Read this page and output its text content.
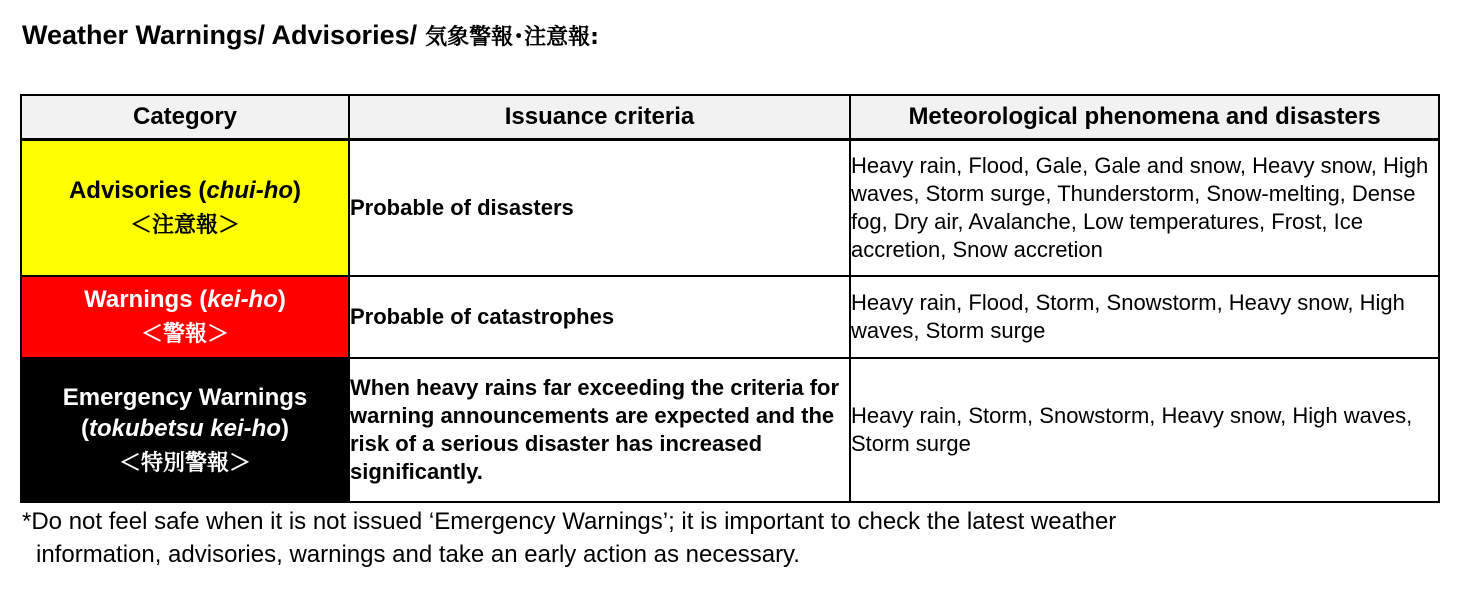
Weather Warnings/ Advisories/ 気象警報･注意報:
Category	Issuance criteria	Meteorological phenomena and disasters
Advisories (chui-ho)
＜注意報＞	Probable of disasters	Heavy rain, Flood, Gale, Gale and snow, Heavy snow, High waves, Storm surge, Thunderstorm, Snow-melting, Dense fog, Dry air, Avalanche, Low temperatures, Frost, Ice accretion, Snow accretion
Warnings (kei-ho)
＜警報＞	Probable of catastrophes	Heavy rain, Flood, Storm, Snowstorm, Heavy snow, High waves, Storm surge
Emergency Warnings
(tokubetsu kei-ho)
＜特別警報＞	When heavy rains far exceeding the criteria for warning announcements are expected and the risk of a serious disaster has increased significantly.	Heavy rain, Storm, Snowstorm, Heavy snow, High waves, Storm surge
*Do not feel safe when it is not issued ‘Emergency Warnings’; it is important to check the latest weather
information, advisories, warnings and take an early action as necessary.
